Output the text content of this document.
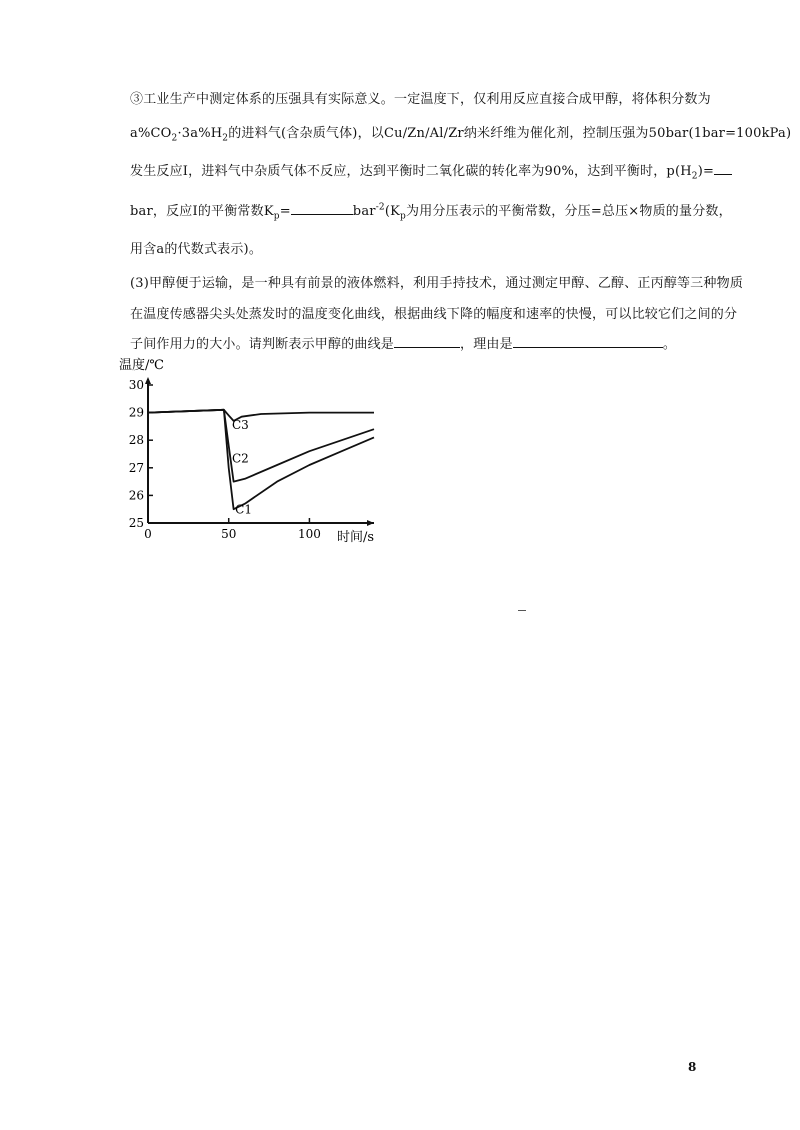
③工业生产中测定体系的压强具有实际意义。一定温度下，仅利用反应直接合成甲醇，将体积分数为
$a\%CO_2\cdot 3a\%H_2$的进料气(含杂质气体)，以Cu/Zn/Al/Zr纳米纤维为催化剂，控制压强为50bar(1bar=100kPa)
发生反应Ⅰ，进料气中杂质气体不反应，达到平衡时二氧化碳的转化率为90%，达到平衡时，$p(H_2)=$
bar，反应Ⅰ的平衡常数$K_p=$	$bar^{-2}(K_p$为用分压表示的平衡常数，分压=总压×物质的量分数，
用含a的代数式表示)。
(3)甲醇便于运输，是一种具有前景的液体燃料，利用手持技术，通过测定甲醇、乙醇、正丙醇等三种物质
在温度传感器尖头处蒸发时的温度变化曲线，根据曲线下降的幅度和速率的快慢，可以比较它们之间的分
子间作用力的大小。请判断表示甲醇的曲线是	，理由是	。
25
26
27
28
29
30
0	50	100
C3
C2
C1
温度/℃
时间/s
8
